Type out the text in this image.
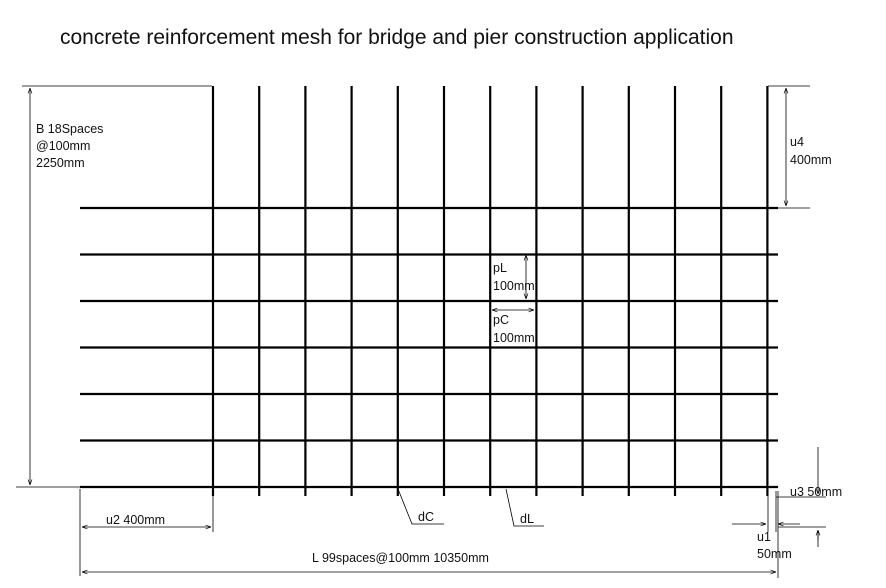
concrete reinforcement mesh for bridge and pier construction application
B 18Spaces
@100mm
2250mm
u4
400mm
pL
100mm
pC
100mm
u3 50mm
u2 400mm	dC	dL
u1
50mm
L 99spaces@100mm 10350mm
